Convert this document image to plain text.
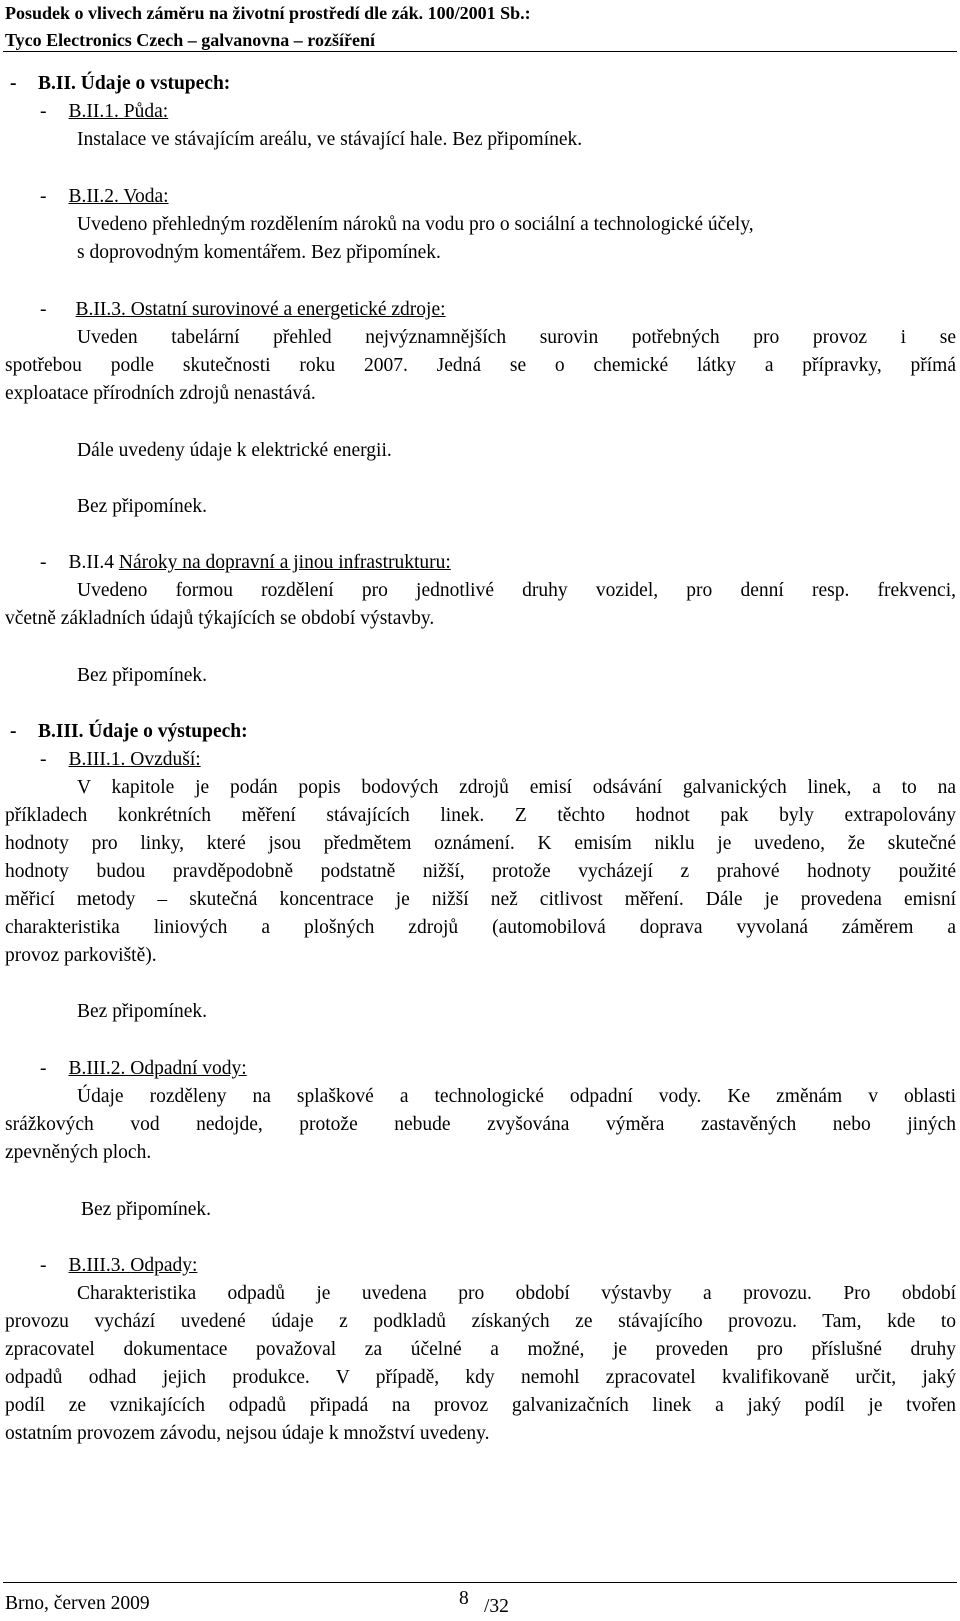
Posudek o vlivech záměru na životní prostředí dle zák. 100/2001 Sb.:
Tyco Electronics Czech – galvanovna – rozšíření
- B.II. Údaje o vstupech:
- B.II.1. Půda:
Instalace ve stávajícím areálu, ve stávající hale. Bez připomínek.
- B.II.2. Voda:
Uvedeno přehledným rozdělením nároků na vodu pro o sociální a technologické účely,
s doprovodným komentářem. Bez připomínek.
- B.II.3. Ostatní surovinové a energetické zdroje:
Uveden tabelární přehled nejvýznamnějších surovin potřebných pro provoz i se
spotřebou podle skutečnosti roku 2007. Jedná se o chemické látky a přípravky, přímá
exploatace přírodních zdrojů nenastává.
Dále uvedeny údaje k elektrické energii.
Bez připomínek.
- B.II.4 Nároky na dopravní a jinou infrastrukturu:
Uvedeno formou rozdělení pro jednotlivé druhy vozidel, pro denní resp. frekvenci,
včetně základních údajů týkajících se období výstavby.
Bez připomínek.
- B.III. Údaje o výstupech:
- B.III.1. Ovzduší:
V kapitole je podán popis bodových zdrojů emisí odsávání galvanických linek, a to na
příkladech konkrétních měření stávajících linek. Z těchto hodnot pak byly extrapolovány
hodnoty pro linky, které jsou předmětem oznámení. K emisím niklu je uvedeno, že skutečné
hodnoty budou pravděpodobně podstatně nižší, protože vycházejí z prahové hodnoty použité
měřicí metody – skutečná koncentrace je nižší než citlivost měření. Dále je provedena emisní
charakteristika liniových a plošných zdrojů (automobilová doprava vyvolaná záměrem a
provoz parkoviště).
Bez připomínek.
- B.III.2. Odpadní vody:
Údaje rozděleny na splaškové a technologické odpadní vody. Ke změnám v oblasti
srážkových vod nedojde, protože nebude zvyšována výměra zastavěných nebo jiných
zpevněných ploch.
Bez připomínek.
- B.III.3. Odpady:
Charakteristika odpadů je uvedena pro období výstavby a provozu. Pro období
provozu vychází uvedené údaje z podkladů získaných ze stávajícího provozu. Tam, kde to
zpracovatel dokumentace považoval za účelné a možné, je proveden pro příslušné druhy
odpadů odhad jejich produkce. V případě, kdy nemohl zpracovatel kvalifikovaně určit, jaký
podíl ze vznikajících odpadů připadá na provoz galvanizačních linek a jaký podíl je tvořen
ostatním provozem závodu, nejsou údaje k množství uvedeny.
Brno, červen 2009	8 /32
